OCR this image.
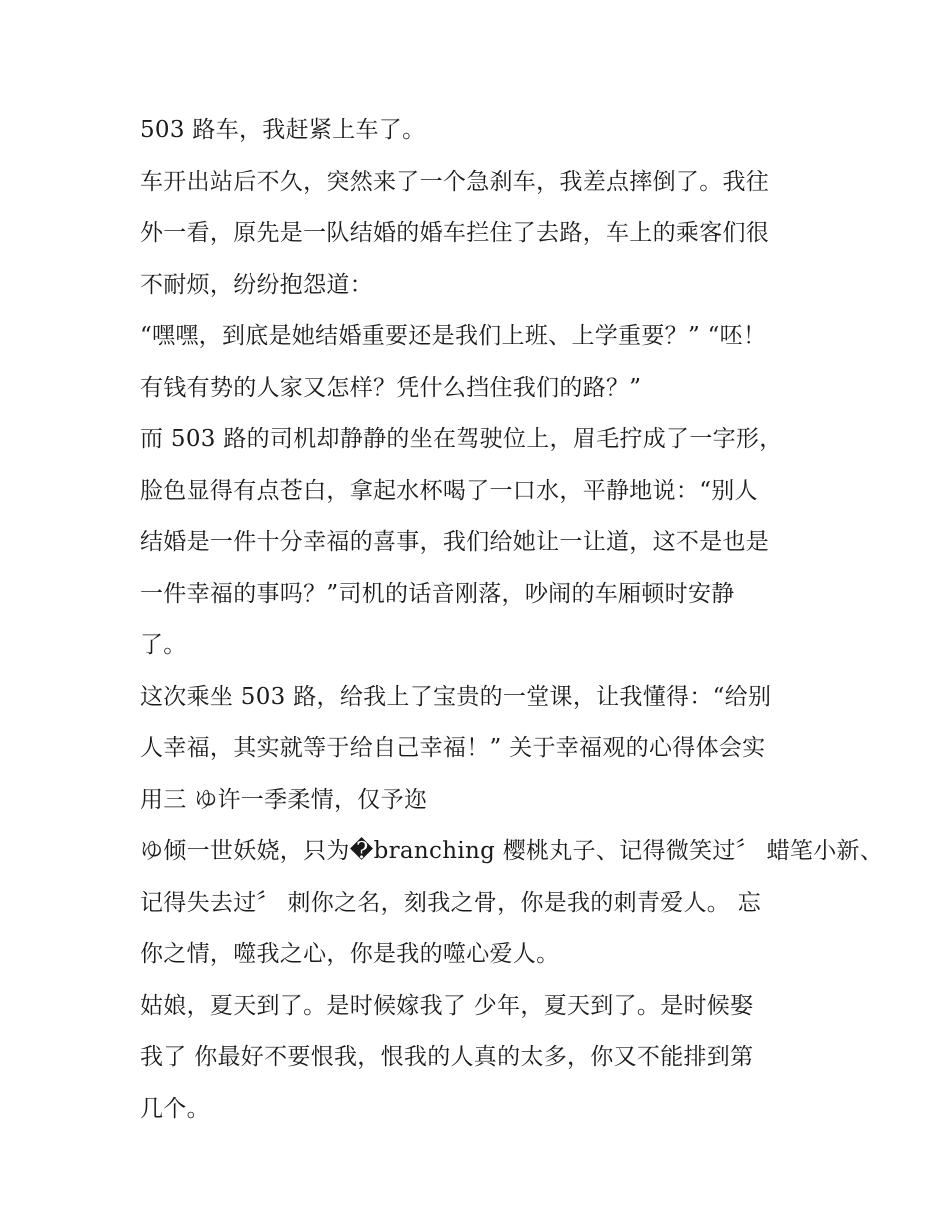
503 路车，我赶紧上车了。
车开出站后不久，突然来了一个急刹车，我差点摔倒了。我往
外一看，原先是一队结婚的婚车拦住了去路，车上的乘客们很
不耐烦，纷纷抱怨道：
“嘿嘿，到底是她结婚重要还是我们上班、上学重要？” “呸！
有钱有势的人家又怎样？凭什么挡住我们的路？”
而 503 路的司机却静静的坐在驾驶位上，眉毛拧成了一字形，
脸色显得有点苍白，拿起水杯喝了一口水，平静地说：“别人
结婚是一件十分幸福的喜事，我们给她让一让道，这不是也是
一件幸福的事吗？”司机的话音刚落，吵闹的车厢顿时安静
了。
这次乘坐 503 路，给我上了宝贵的一堂课，让我懂得：“给别
人幸福，其实就等于给自己幸福！” 关于幸福观的心得体会实
用三 ゆ许一季柔情，仅予迩
ゆ倾一世妖娆，只为�branching 樱桃丸子、记得微笑过〞 蜡笔小新、
记得失去过〞 刺你之名，刻我之骨，你是我的刺青爱人。 忘
你之情，噬我之心，你是我的噬心爱人。
姑娘，夏天到了。是时候嫁我了 少年，夏天到了。是时候娶
我了 你最好不要恨我，恨我的人真的太多，你又不能排到第
几个。
